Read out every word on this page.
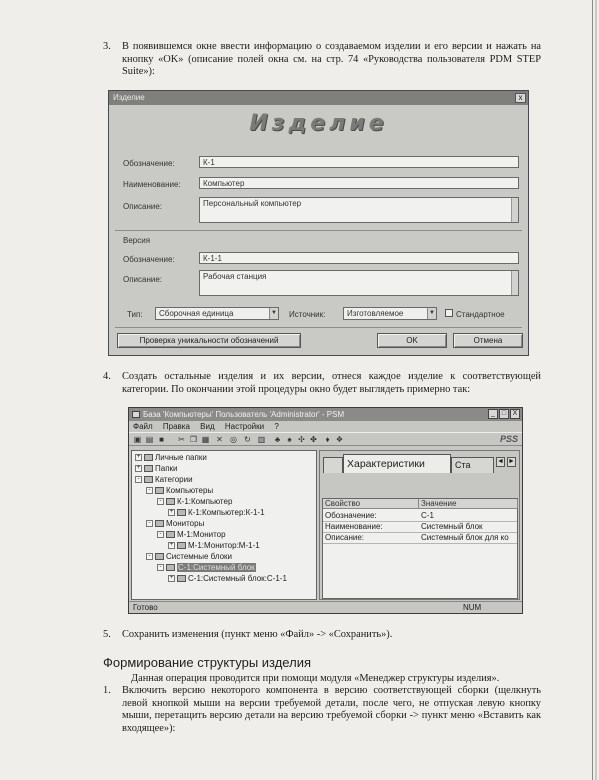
3. В появившемся окне ввести информацию о создаваемом изделии и его версии и нажать на кнопку «OK» (описание полей окна см. на стр. 74 «Руководства пользователя PDM STEP Suite»):
Изделие	x
Изделие
Обозначение:	К-1
Наименование:	Компьютер
Описание:	Персональный компьютер
Версия
Обозначение:	К-1-1
Описание:	Рабочая станция
Тип:	Сборочная единица	▼ Источник:	Изготовляемое	▼	Стандартное
Проверка уникальности обозначений	OK	Отмена
4. Создать остальные изделия и их версии, отнеся каждое изделие к соответствующей категории. По окончании этой процедуры окно будет выглядеть примерно так:
База 'Компьютеры' Пользователь 'Administrator' - PSM	_ □ X
Файл Правка Вид Настройки ?
▣ ▤ ■ ✂ ❐ ▦ ✕ ◎ ↻ ▥ ♣ ♠ ✣ ✤	♦ ❖	PSS
+ Личные папки
+ Папки
- Категории
- Компьютеры
- К-1:Компьютер
+ К-1:Компьютер:К-1-1
- Мониторы
- М-1:Монитор
+ М-1:Монитор:М-1-1
- Системные блоки
- С-1:Системный блок
+ С-1:Системный блок:С-1-1
Характеристики	Ста	◄ ►
Свойство	Значение
Обозначение:	С-1
Наименование:	Системный блок
Описание:	Системный блок для ко
Готово	NUM
5. Сохранить изменения (пункт меню «Файл» -> «Сохранить»).
Формирование структуры изделия
Данная операция проводится при помощи модуля «Менеджер структуры изделия».
1. Включить версию некоторого компонента в версию соответствующей сборки (щелкнуть левой кнопкой мыши на версии требуемой детали, после чего, не отпуская левую кнопку мыши, перетащить версию детали на версию требуемой сборки -> пункт меню «Вставить как входящее»):
